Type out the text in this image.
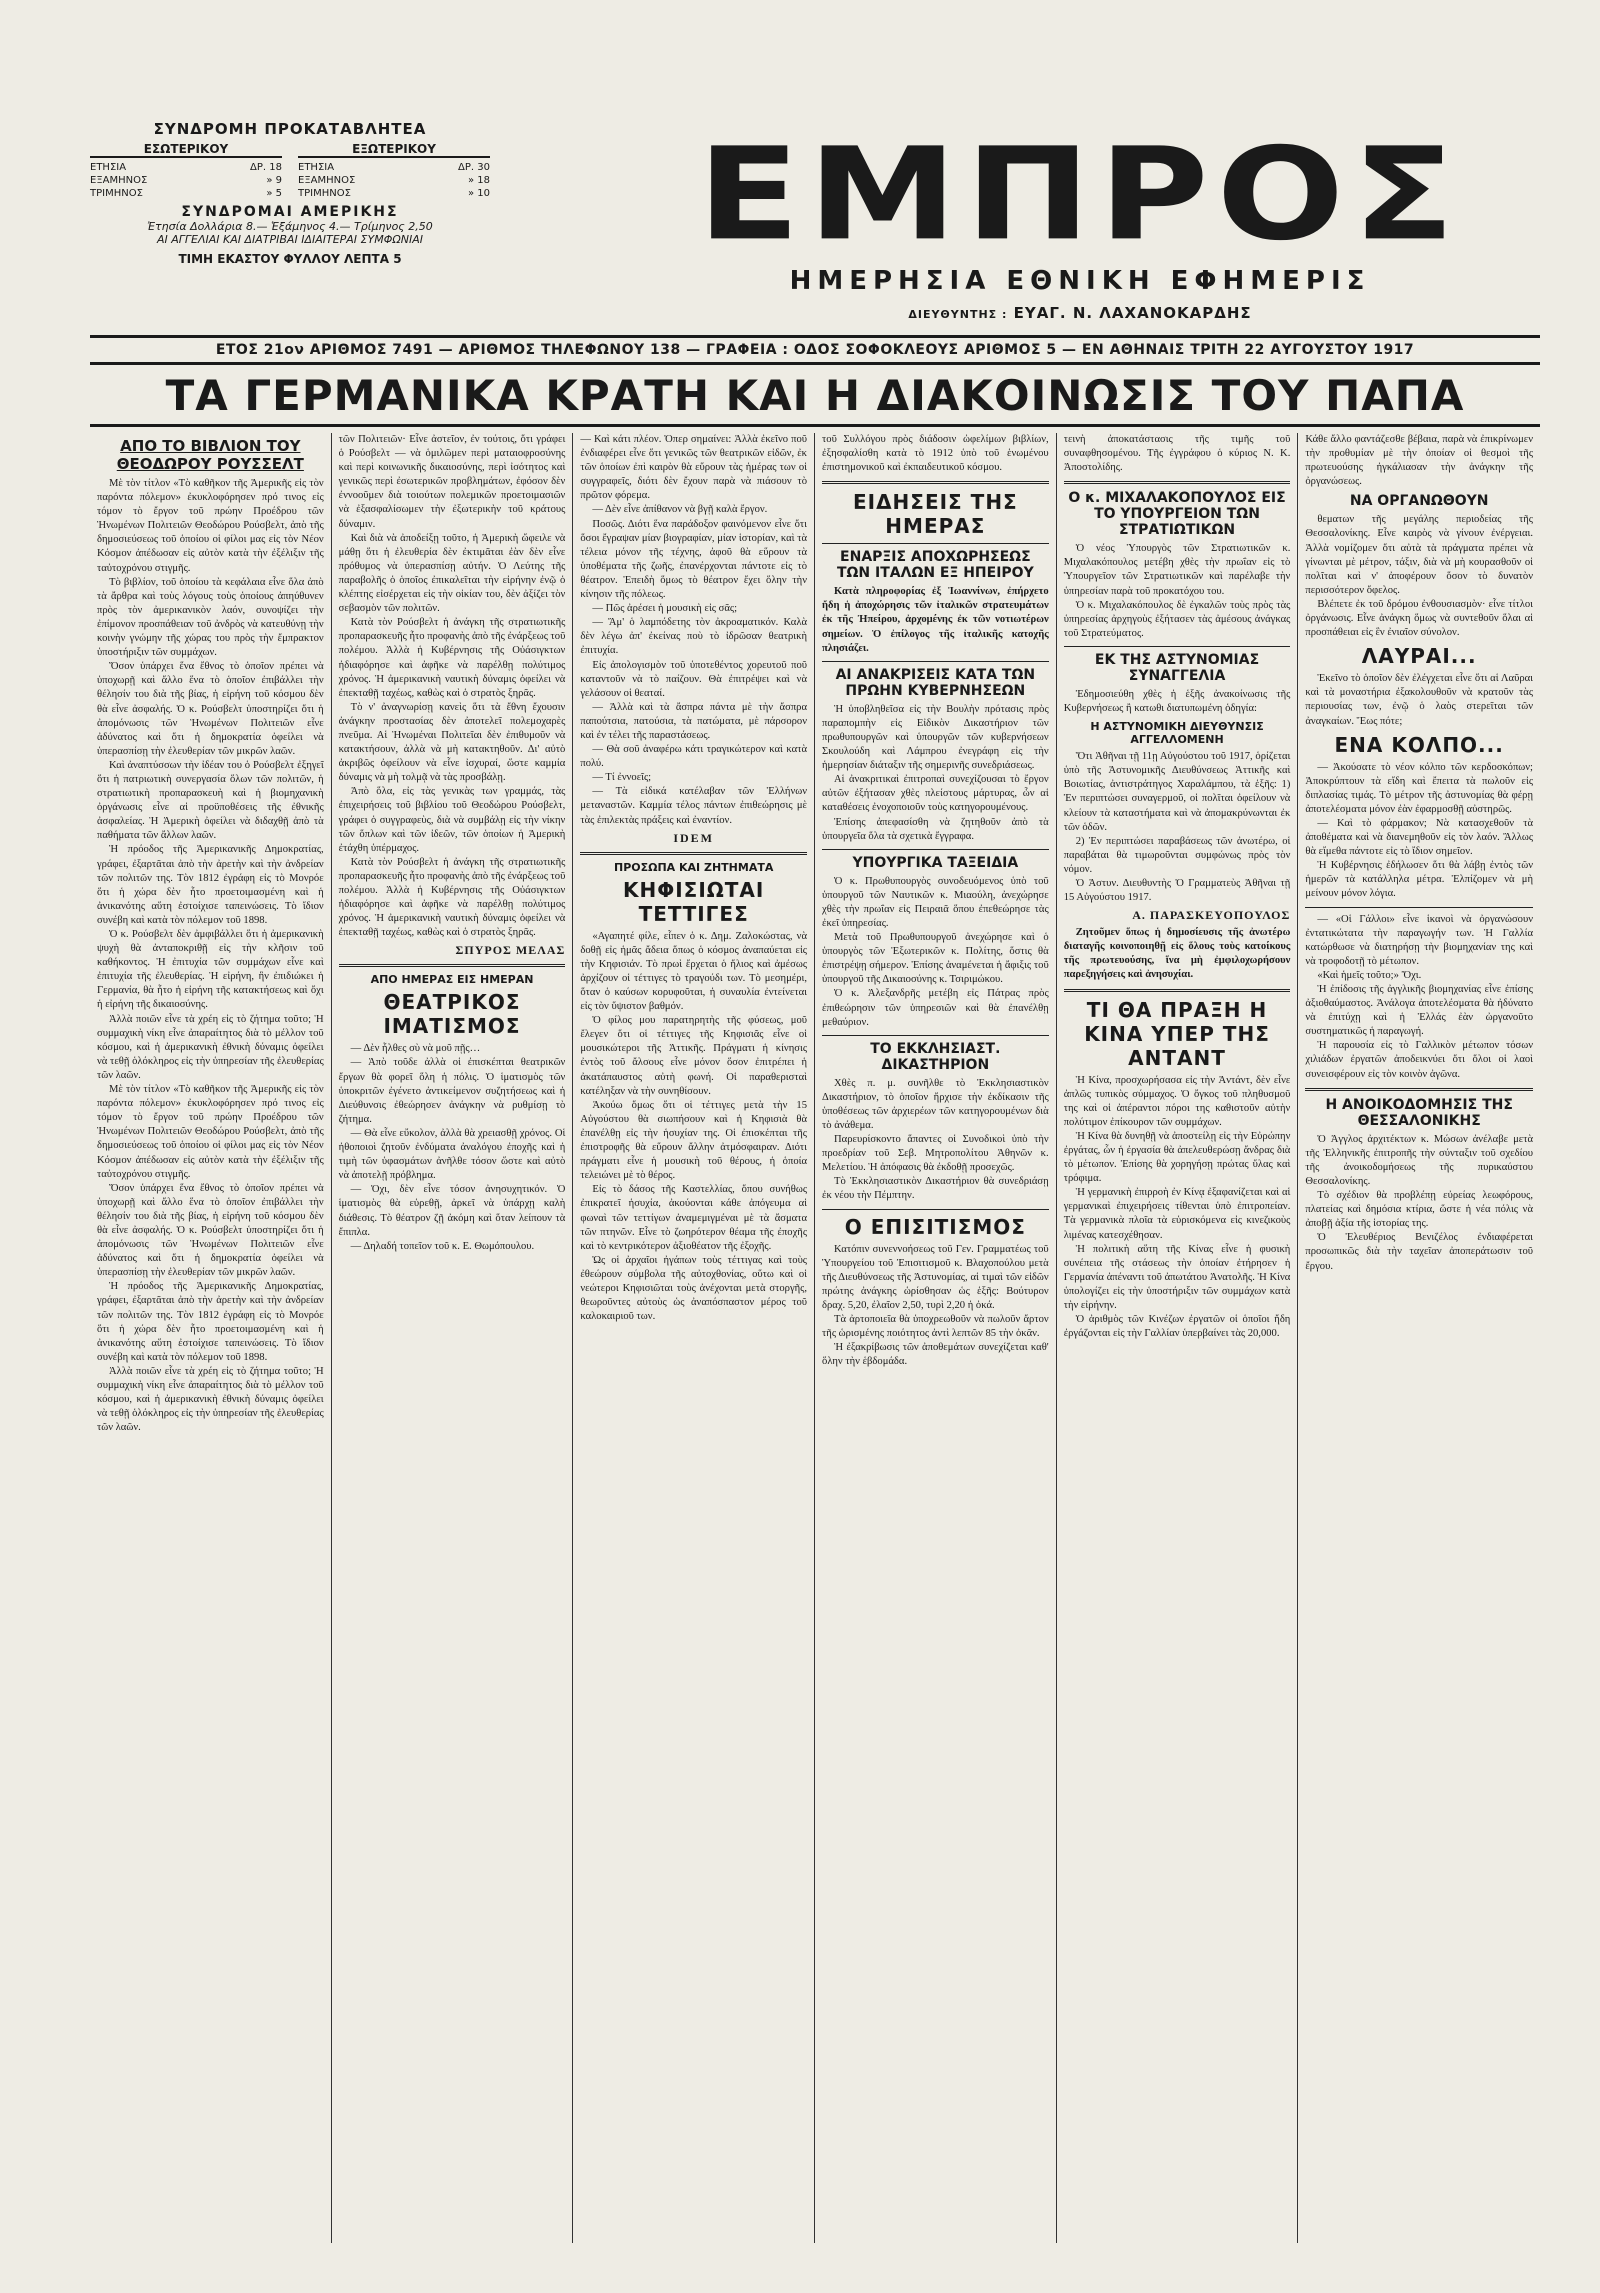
ΣΥΝΔΡΟΜΗ ΠΡΟΚΑΤΑΒΛΗΤΕΑ
ΕΣΩΤΕΡΙΚΟΥ
ΕΤΗΣΙΑ	ΔΡ. 18
ΕΞΑΜΗΝΟΣ	» 9
ΤΡΙΜΗΝΟΣ	» 5
ΕΞΩΤΕΡΙΚΟΥ
ΕΤΗΣΙΑ	ΔΡ. 30
ΕΞΑΜΗΝΟΣ	» 18
ΤΡΙΜΗΝΟΣ	» 10
ΣΥΝΔΡΟΜΑΙ ΑΜΕΡΙΚΗΣ
Ἐτησία Δολλάρια 8.— Ἑξάμηνος 4.— Τρίμηνος 2,50
ΑΙ ΑΓΓΕΛΙΑΙ ΚΑΙ ΔΙΑΤΡΙΒΑΙ ΙΔΙΑΙΤΕΡΑΙ ΣΥΜΦΩΝΙΑΙ
ΤΙΜΗ ΕΚΑΣΤΟΥ ΦΥΛΛΟΥ ΛΕΠΤΑ 5	ΕΜΠΡΟΣ
ΗΜΕΡΗΣΙΑ ΕΘΝΙΚΗ ΕΦΗΜΕΡΙΣ
ΔΙΕΥΘΥΝΤΗΣ : ΕΥΑΓ. Ν. ΛΑΧΑΝΟΚΑΡΔΗΣ
ΕΤΟΣ 21ον ΑΡΙΘΜΟΣ 7491 — ΑΡΙΘΜΟΣ ΤΗΛΕΦΩΝΟΥ 138 — ΓΡΑΦΕΙΑ : ΟΔΟΣ ΣΟΦΟΚΛΕΟΥΣ ΑΡΙΘΜΟΣ 5 — ΕΝ ΑΘΗΝΑΙΣ ΤΡΙΤΗ 22 ΑΥΓΟΥΣΤΟΥ 1917
ΤΑ ΓΕΡΜΑΝΙΚΑ ΚΡΑΤΗ ΚΑΙ Η ΔΙΑΚΟΙΝΩΣΙΣ ΤΟΥ ΠΑΠΑ
ΑΠΟ ΤΟ ΒΙΒΛΙΟΝ ΤΟΥ ΘΕΟΔΩΡΟΥ ΡΟΥΣΣΕΛΤ

Μὲ τὸν τίτλον «Τὸ καθῆκον τῆς Ἀμερικῆς εἰς τὸν παρόντα πόλεμον» ἐκυκλοφόρησεν πρό τινος εἰς τόμον τὸ ἔργον τοῦ πρώην Προέδρου τῶν Ἡνωμένων Πολιτειῶν Θεοδώρου Ρούσβελτ, ἀπὸ τῆς δημοσιεύσεως τοῦ ὁποίου οἱ φίλοι μας εἰς τὸν Νέον Κόσμον ἀπέδωσαν εἰς αὐτὸν κατὰ τὴν ἐξέλιξιν τῆς ταὐτοχρόνου στιγμῆς.

Τὸ βιβλίον, τοῦ ὁποίου τὰ κεφάλαια εἶνε ὅλα ἀπὸ τὰ ἄρθρα καὶ τοὺς λόγους τοὺς ὁποίους ἀπηύθυνεν πρὸς τὸν ἀμερικανικὸν λαόν, συνοψίζει τὴν ἐπίμονον προσπάθειαν τοῦ ἀνδρὸς νὰ κατευθύνῃ τὴν κοινὴν γνώμην τῆς χώρας του πρὸς τὴν ἔμπρακτον ὑποστήριξιν τῶν συμμάχων.

Ὅσον ὑπάρχει ἕνα ἔθνος τὸ ὁποῖον πρέπει νὰ ὑποχωρῇ καὶ ἄλλο ἕνα τὸ ὁποῖον ἐπιβάλλει τὴν θέλησίν του διὰ τῆς βίας, ἡ εἰρήνη τοῦ κόσμου δὲν θὰ εἶνε ἀσφαλής. Ὁ κ. Ρούσβελτ ὑποστηρίζει ὅτι ἡ ἀπομόνωσις τῶν Ἡνωμένων Πολιτειῶν εἶνε ἀδύνατος καὶ ὅτι ἡ δημοκρατία ὀφείλει νὰ ὑπερασπίσῃ τὴν ἐλευθερίαν τῶν μικρῶν λαῶν.

Καὶ ἀναπτύσσων τὴν ἰδέαν του ὁ Ρούσβελτ ἐξηγεῖ ὅτι ἡ πατριωτικὴ συνεργασία ὅλων τῶν πολιτῶν, ἡ στρατιωτικὴ προπαρασκευὴ καὶ ἡ βιομηχανικὴ ὀργάνωσις εἶνε αἱ προϋποθέσεις τῆς ἐθνικῆς ἀσφαλείας. Ἡ Ἀμερικὴ ὀφείλει νὰ διδαχθῇ ἀπὸ τὰ παθήματα τῶν ἄλλων λαῶν.

Ἡ πρόοδος τῆς Ἀμερικανικῆς Δημοκρατίας, γράφει, ἐξαρτᾶται ἀπὸ τὴν ἀρετὴν καὶ τὴν ἀνδρείαν τῶν πολιτῶν της. Τὸν 1812 ἐγράφη εἰς τὸ Μονρόε ὅτι ἡ χώρα δὲν ἦτο προετοιμασμένη καὶ ἡ ἀνικανότης αὕτη ἐστοίχισε ταπεινώσεις. Τὸ ἴδιον συνέβη καὶ κατὰ τὸν πόλεμον τοῦ 1898.

Ὁ κ. Ρούσβελτ δὲν ἀμφιβάλλει ὅτι ἡ ἀμερικανικὴ ψυχὴ θὰ ἀνταποκριθῇ εἰς τὴν κλῆσιν τοῦ καθήκοντος. Ἡ ἐπιτυχία τῶν συμμάχων εἶνε καὶ ἐπιτυχία τῆς ἐλευθερίας. Ἡ εἰρήνη, ἣν ἐπιδιώκει ἡ Γερμανία, θὰ ἦτο ἡ εἰρήνη τῆς κατακτήσεως καὶ ὄχι ἡ εἰρήνη τῆς δικαιοσύνης.

Ἀλλὰ ποιῶν εἶνε τὰ χρέη εἰς τὸ ζήτημα τοῦτο; Ἡ συμμαχικὴ νίκη εἶνε ἀπαραίτητος διὰ τὸ μέλλον τοῦ κόσμου, καὶ ἡ ἀμερικανικὴ ἐθνικὴ δύναμις ὀφείλει νὰ τεθῇ ὁλόκληρος εἰς τὴν ὑπηρεσίαν τῆς ἐλευθερίας τῶν λαῶν.

Μὲ τὸν τίτλον «Τὸ καθῆκον τῆς Ἀμερικῆς εἰς τὸν παρόντα πόλεμον» ἐκυκλοφόρησεν πρό τινος εἰς τόμον τὸ ἔργον τοῦ πρώην Προέδρου τῶν Ἡνωμένων Πολιτειῶν Θεοδώρου Ρούσβελτ, ἀπὸ τῆς δημοσιεύσεως τοῦ ὁποίου οἱ φίλοι μας εἰς τὸν Νέον Κόσμον ἀπέδωσαν εἰς αὐτὸν κατὰ τὴν ἐξέλιξιν τῆς ταὐτοχρόνου στιγμῆς.

Ὅσον ὑπάρχει ἕνα ἔθνος τὸ ὁποῖον πρέπει νὰ ὑποχωρῇ καὶ ἄλλο ἕνα τὸ ὁποῖον ἐπιβάλλει τὴν θέλησίν του διὰ τῆς βίας, ἡ εἰρήνη τοῦ κόσμου δὲν θὰ εἶνε ἀσφαλής. Ὁ κ. Ρούσβελτ ὑποστηρίζει ὅτι ἡ ἀπομόνωσις τῶν Ἡνωμένων Πολιτειῶν εἶνε ἀδύνατος καὶ ὅτι ἡ δημοκρατία ὀφείλει νὰ ὑπερασπίσῃ τὴν ἐλευθερίαν τῶν μικρῶν λαῶν.

Ἡ πρόοδος τῆς Ἀμερικανικῆς Δημοκρατίας, γράφει, ἐξαρτᾶται ἀπὸ τὴν ἀρετὴν καὶ τὴν ἀνδρείαν τῶν πολιτῶν της. Τὸν 1812 ἐγράφη εἰς τὸ Μονρόε ὅτι ἡ χώρα δὲν ἦτο προετοιμασμένη καὶ ἡ ἀνικανότης αὕτη ἐστοίχισε ταπεινώσεις. Τὸ ἴδιον συνέβη καὶ κατὰ τὸν πόλεμον τοῦ 1898.

Ἀλλὰ ποιῶν εἶνε τὰ χρέη εἰς τὸ ζήτημα τοῦτο; Ἡ συμμαχικὴ νίκη εἶνε ἀπαραίτητος διὰ τὸ μέλλον τοῦ κόσμου, καὶ ἡ ἀμερικανικὴ ἐθνικὴ δύναμις ὀφείλει νὰ τεθῇ ὁλόκληρος εἰς τὴν ὑπηρεσίαν τῆς ἐλευθερίας τῶν λαῶν.

τῶν Πολιτειῶν· Εἶνε ἀστεῖον, ἐν τούτοις, ὅτι γράφει ὁ Ρούσβελτ — νὰ ὁμιλῶμεν περὶ ματαιοφροσύνης καὶ περὶ κοινωνικῆς δικαιοσύνης, περὶ ἰσότητος καὶ γενικῶς περὶ ἐσωτερικῶν προβλημάτων, ἐφόσον δὲν ἐννοοῦμεν διὰ τοιούτων πολεμικῶν προετοιμασιῶν νὰ ἐξασφαλίσωμεν τὴν ἐξωτερικὴν τοῦ κράτους δύναμιν.

Καὶ διὰ νὰ ἀποδείξῃ τοῦτο, ἡ Ἀμερικὴ ὤφειλε νὰ μάθῃ ὅτι ἡ ἐλευθερία δὲν ἐκτιμᾶται ἐὰν δὲν εἶνε πρόθυμος νὰ ὑπερασπίσῃ αὐτήν. Ὁ Λεύτης τῆς παραβολῆς ὁ ὁποῖος ἐπικαλεῖται τὴν εἰρήνην ἐνῷ ὁ κλέπτης εἰσέρχεται εἰς τὴν οἰκίαν του, δὲν ἀξίζει τὸν σεβασμὸν τῶν πολιτῶν.

Κατὰ τὸν Ρούσβελτ ἡ ἀνάγκη τῆς στρατιωτικῆς προπαρασκευῆς ἦτο προφανὴς ἀπὸ τῆς ἐνάρξεως τοῦ πολέμου. Ἀλλὰ ἡ Κυβέρνησις τῆς Οὐάσιγκτων ἠδιαφόρησε καὶ ἀφῆκε νὰ παρέλθῃ πολύτιμος χρόνος. Ἡ ἀμερικανικὴ ναυτικὴ δύναμις ὀφείλει νὰ ἐπεκταθῇ ταχέως, καθὼς καὶ ὁ στρατὸς ξηρᾶς.

Τὸ ν' ἀναγνωρίσῃ κανεὶς ὅτι τὰ ἔθνη ἔχουσιν ἀνάγκην προστασίας δὲν ἀποτελεῖ πολεμοχαρὲς πνεῦμα. Αἱ Ἡνωμέναι Πολιτεῖαι δὲν ἐπιθυμοῦν νὰ κατακτήσουν, ἀλλὰ νὰ μὴ κατακτηθοῦν. Δι' αὐτὸ ἀκριβῶς ὀφείλουν νὰ εἶνε ἰσχυραί, ὥστε καμμία δύναμις νὰ μὴ τολμᾷ νὰ τὰς προσβάλῃ.

Ἀπὸ ὅλα, εἰς τὰς γενικὰς των γραμμάς, τὰς ἐπιχειρήσεις τοῦ βιβλίου τοῦ Θεοδώρου Ρούσβελτ, γράφει ὁ συγγραφεὺς, διὰ νὰ συμβάλῃ εἰς τὴν νίκην τῶν ὅπλων καὶ τῶν ἰδεῶν, τῶν ὁποίων ἡ Ἀμερικὴ ἐτάχθη ὑπέρμαχος.

Κατὰ τὸν Ρούσβελτ ἡ ἀνάγκη τῆς στρατιωτικῆς προπαρασκευῆς ἦτο προφανὴς ἀπὸ τῆς ἐνάρξεως τοῦ πολέμου. Ἀλλὰ ἡ Κυβέρνησις τῆς Οὐάσιγκτων ἠδιαφόρησε καὶ ἀφῆκε νὰ παρέλθῃ πολύτιμος χρόνος. Ἡ ἀμερικανικὴ ναυτικὴ δύναμις ὀφείλει νὰ ἐπεκταθῇ ταχέως, καθὼς καὶ ὁ στρατὸς ξηρᾶς.

ΣΠΥΡΟΣ ΜΕΛΑΣ
ΑΠΟ ΗΜΕΡΑΣ ΕΙΣ ΗΜΕΡΑΝ
ΘΕΑΤΡΙΚΟΣ ΙΜΑΤΙΣΜΟΣ

— Δὲν ἦλθες σὺ νὰ μοῦ πῇς…

— Ἀπὸ τοῦδε ἀλλὰ οἱ ἐπισκέπται θεατρικῶν ἔργων θὰ φορεῖ ὅλη ἡ πόλις. Ὁ ἱματισμὸς τῶν ὑποκριτῶν ἐγένετο ἀντικείμενον συζητήσεως καὶ ἡ Διεύθυνσις ἐθεώρησεν ἀνάγκην νὰ ρυθμίσῃ τὸ ζήτημα.

— Θὰ εἶνε εὔκολον, ἀλλὰ θὰ χρειασθῇ χρόνος. Οἱ ἠθοποιοὶ ζητοῦν ἐνδύματα ἀναλόγου ἐποχῆς καὶ ἡ τιμὴ τῶν ὑφασμάτων ἀνῆλθε τόσον ὥστε καὶ αὐτὸ νὰ ἀποτελῇ πρόβλημα.

— Ὀχι, δὲν εἶνε τόσον ἀνησυχητικόν. Ὁ ἱματισμὸς θὰ εὑρεθῇ, ἀρκεῖ νὰ ὑπάρχῃ καλὴ διάθεσις. Τὸ θέατρον ζῇ ἀκόμη καὶ ὅταν λείπουν τὰ ἔπιπλα.

— Δηλαδή τοπεῖον τοῦ κ. Ε. Θωμόπουλου.

— Καὶ κάτι πλέον. Ὁπερ σημαίνει: Ἀλλὰ ἐκεῖνο ποῦ ἐνδιαφέρει εἶνε ὅτι γενικῶς τῶν θεατρικῶν εἰδῶν, ἐκ τῶν ὁποίων ἐπὶ καιρὸν θὰ εὕρουν τὰς ἡμέρας των οἱ συγγραφεῖς, διότι δὲν ἔχουν παρὰ νὰ πιάσουν τὸ πρῶτον φόρεμα.

— Δὲν εἶνε ἀπίθανον νὰ βγῇ καλὰ ἔργον.

Ποσῶς. Διότι ἕνα παράδοξον φαινόμενον εἶνε ὅτι ὅσοι ἔγραψαν μίαν βιογραφίαν, μίαν ἱστορίαν, καὶ τὰ τέλεια μόνον τῆς τέχνης, ἀφοῦ θὰ εὕρουν τὰ ὑποθέματα τῆς ζωῆς, ἐπανέρχονται πάντοτε εἰς τὸ θέατρον. Ἐπειδὴ ὅμως τὸ θέατρον ἔχει ὅλην τὴν κίνησιν τῆς πόλεως.

— Πῶς ἀρέσει ἡ μουσικὴ εἰς σᾶς;

— Ἄμ' ὁ λαμπόδετης τὸν ἀκροαματικόν. Καλὰ δὲν λέγω ἀπ' ἐκείνας ποὺ τὸ ἰδρῶσαν θεατρικὴ ἐπιτυχία.

Εἰς ἀπολογισμὸν τοῦ ὑποτεθέντος χορευτοῦ ποῦ καταντοῦν νὰ τὸ παίζουν. Θὰ ἐπιτρέψει καὶ νὰ γελάσουν οἱ θεαταί.

— Ἀλλὰ καὶ τὰ ἄσπρα πάντα μὲ τὴν ἄσπρα παπούτσια, πατούσια, τὰ πατώματα, μὲ πάρσορον καὶ ἐν τέλει τῆς παραστάσεως.

— Θὰ σοῦ ἀναφέρω κάτι τραγικώτερον καὶ κατὰ πολύ.

— Τί ἐννοεῖς;

— Τὰ εἰδικά κατέλαβαν τῶν Ἑλλήνων μεταναστῶν. Καμμία τέλος πάντων ἐπιθεώρησις μὲ τὰς ἐπιλεκτὰς πράξεις καὶ ἐναντίον.

IDEM
ΠΡΟΣΩΠΑ ΚΑΙ ΖΗΤΗΜΑΤΑ
ΚΗΦΙΣΙΩΤΑΙ ΤΕΤΤΙΓΕΣ

«Αγαπητέ φίλε, εἶπεν ὁ κ. Δημ. Ζαλοκώστας, νὰ δοθῇ εἰς ἡμᾶς ἄδεια ὅπως ὁ κόσμος ἀναπαύεται εἰς τὴν Κηφισιάν. Τὸ πρωὶ ἔρχεται ὁ ἥλιος καὶ ἀμέσως ἀρχίζουν οἱ τέττιγες τὸ τραγούδι των. Τὸ μεσημέρι, ὅταν ὁ καύσων κορυφοῦται, ἡ συναυλία ἐντείνεται εἰς τὸν ὕψιστον βαθμόν.

Ὁ φίλος μου παρατηρητὴς τῆς φύσεως, μοῦ ἔλεγεν ὅτι οἱ τέττιγες τῆς Κηφισιᾶς εἶνε οἱ μουσικώτεροι τῆς Ἀττικῆς. Πράγματι ἡ κίνησις ἐντὸς τοῦ ἄλσους εἶνε μόνον ὅσον ἐπιτρέπει ἡ ἀκατάπαυστος αὐτὴ φωνή. Οἱ παραθερισταὶ κατέληξαν νὰ τὴν συνηθίσουν.

Ἀκούω ὅμως ὅτι οἱ τέττιγες μετὰ τὴν 15 Αὐγούστου θὰ σιωπήσουν καὶ ἡ Κηφισιὰ θὰ ἐπανέλθῃ εἰς τὴν ἡσυχίαν της. Οἱ ἐπισκέπται τῆς ἐπιστροφῆς θὰ εὕρουν ἄλλην ἀτμόσφαιραν. Διότι πράγματι εἶνε ἡ μουσικὴ τοῦ θέρους, ἡ ὁποία τελειώνει μὲ τὸ θέρος.

Εἰς τὸ δάσος τῆς Καστελλίας, ὅπου συνήθως ἐπικρατεῖ ἡσυχία, ἀκούονται κάθε ἀπόγευμα αἱ φωναὶ τῶν τεττίγων ἀναμεμιγμέναι μὲ τὰ ἄσματα τῶν πτηνῶν. Εἶνε τὸ ζωηρότερον θέαμα τῆς ἐποχῆς καὶ τὸ κεντρικότερον ἀξιοθέατον τῆς ἐξοχῆς.

Ὡς οἱ ἀρχαῖοι ἠγάπων τοὺς τέττιγας καὶ τοὺς ἐθεώρουν σύμβολα τῆς αὐτοχθονίας, οὕτω καὶ οἱ νεώτεροι Κηφισιῶται τοὺς ἀνέχονται μετὰ στοργῆς, θεωροῦντες αὐτοὺς ὡς ἀναπόσπαστον μέρος τοῦ καλοκαιριοῦ των.

τοῦ Συλλόγου πρὸς διάδοσιν ὠφελίμων βιβλίων, ἐξησφαλίσθη κατὰ τὸ 1912 ὑπὸ τοῦ ἑνωμένου ἐπιστημονικοῦ καὶ ἐκπαιδευτικοῦ κόσμου.

ΕΙΔΗΣΕΙΣ ΤΗΣ ΗΜΕΡΑΣ
ΕΝΑΡΞΙΣ ΑΠΟΧΩΡΗΣΕΩΣ ΤΩΝ ΙΤΑΛΩΝ ΕΞ ΗΠΕΙΡΟΥ

Κατὰ πληροφορίας ἐξ Ἰωαννίνων, ἐπήρχετο ἤδη ἡ ἀποχώρησις τῶν ἰταλικῶν στρατευμάτων ἐκ τῆς Ἠπείρου, ἀρχομένης ἐκ τῶν νοτιωτέρων σημείων. Ὁ ἐπίλογος τῆς ἰταλικῆς κατοχῆς πλησιάζει.

ΑΙ ΑΝΑΚΡΙΣΕΙΣ ΚΑΤΑ ΤΩΝ ΠΡΩΗΝ ΚΥΒΕΡΝΗΣΕΩΝ

Ἡ ὑποβληθεῖσα εἰς τὴν Βουλὴν πρότασις πρὸς παραπομπὴν εἰς Εἰδικὸν Δικαστήριον τῶν πρωθυπουργῶν καὶ ὑπουργῶν τῶν κυβερνήσεων Σκουλούδη καὶ Λάμπρου ἐνεγράφη εἰς τὴν ἡμερησίαν διάταξιν τῆς σημερινῆς συνεδριάσεως.

Αἱ ἀνακριτικαὶ ἐπιτροπαὶ συνεχίζουσαι τὸ ἔργον αὐτῶν ἐξήτασαν χθὲς πλείστους μάρτυρας, ὧν αἱ καταθέσεις ἐνοχοποιοῦν τοὺς κατηγορουμένους.

Ἐπίσης ἀπεφασίσθη νὰ ζητηθοῦν ἀπὸ τὰ ὑπουργεῖα ὅλα τὰ σχετικὰ ἔγγραφα.

ΥΠΟΥΡΓΙΚΑ ΤΑΞΕΙΔΙΑ

Ὁ κ. Πρωθυπουργὸς συνοδευόμενος ὑπὸ τοῦ ὑπουργοῦ τῶν Ναυτικῶν κ. Μιαούλη, ἀνεχώρησε χθὲς τὴν πρωΐαν εἰς Πειραιᾶ ὅπου ἐπεθεώρησε τὰς ἐκεῖ ὑπηρεσίας.

Μετὰ τοῦ Πρωθυπουργοῦ ἀνεχώρησε καὶ ὁ ὑπουργὸς τῶν Ἐξωτερικῶν κ. Πολίτης, ὅστις θὰ ἐπιστρέψῃ σήμερον. Ἐπίσης ἀναμένεται ἡ ἄφιξις τοῦ ὑπουργοῦ τῆς Δικαιοσύνης κ. Τσιριμώκου.

Ὁ κ. Ἀλεξανδρῆς μετέβη εἰς Πάτρας πρὸς ἐπιθεώρησιν τῶν ὑπηρεσιῶν καὶ θὰ ἐπανέλθῃ μεθαύριον.

ΤΟ ΕΚΚΛΗΣΙΑΣΤ. ΔΙΚΑΣΤΗΡΙΟΝ

Χθὲς π. μ. συνῆλθε τὸ Ἐκκλησιαστικὸν Δικαστήριον, τὸ ὁποῖον ἤρχισε τὴν ἐκδίκασιν τῆς ὑποθέσεως τῶν ἀρχιερέων τῶν κατηγορουμένων διὰ τὸ ἀνάθεμα.

Παρευρίσκοντο ἅπαντες οἱ Συνοδικοὶ ὑπὸ τὴν προεδρίαν τοῦ Σεβ. Μητροπολίτου Ἀθηνῶν κ. Μελετίου. Ἡ ἀπόφασις θὰ ἐκδοθῇ προσεχῶς.

Τὸ Ἐκκλησιαστικὸν Δικαστήριον θὰ συνεδριάσῃ ἐκ νέου τὴν Πέμπτην.

Ο ΕΠΙΣΙΤΙΣΜΟΣ

Κατόπιν συνεννοήσεως τοῦ Γεν. Γραμματέως τοῦ Ὑπουργείου τοῦ Ἐπισιτισμοῦ κ. Βλαχοπούλου μετὰ τῆς Διευθύνσεως τῆς Ἀστυνομίας, αἱ τιμαὶ τῶν εἰδῶν πρώτης ἀνάγκης ὡρίσθησαν ὡς ἑξῆς: Βούτυρον δραχ. 5,20, ἐλαῖον 2,50, τυρὶ 2,20 ἡ ὀκά.

Τὰ ἀρτοποιεῖα θὰ ὑποχρεωθοῦν νὰ πωλοῦν ἄρτον τῆς ὡρισμένης ποιότητος ἀντὶ λεπτῶν 85 τὴν ὀκᾶν.

Ἡ ἐξακρίβωσις τῶν ἀποθεμάτων συνεχίζεται καθ' ὅλην τὴν ἑβδομάδα.

τεινὴ ἀποκατάστασις τῆς τιμῆς τοῦ συναφθησομένου. Τῆς ἐγγράφου ὁ κύριος Ν. Κ. Ἀποστολίδης.

Ο κ. ΜΙΧΑΛΑΚΟΠΟΥΛΟΣ ΕΙΣ ΤΟ ΥΠΟΥΡΓΕΙΟΝ ΤΩΝ ΣΤΡΑΤΙΩΤΙΚΩΝ

Ὁ νέος Ὑπουργὸς τῶν Στρατιωτικῶν κ. Μιχαλακόπουλος μετέβη χθὲς τὴν πρωΐαν εἰς τὸ Ὑπουργεῖον τῶν Στρατιωτικῶν καὶ παρέλαβε τὴν ὑπηρεσίαν παρὰ τοῦ προκατόχου του.

Ὁ κ. Μιχαλακόπουλος δὲ ἐγκαλῶν τοὺς πρὸς τὰς ὑπηρεσίας ἀρχηγοὺς ἐξήτασεν τὰς ἀμέσους ἀνάγκας τοῦ Στρατεύματος.

ΕΚ ΤΗΣ ΑΣΤΥΝΟΜΙΑΣ ΣΥΝΑΓΓΕΛΙΑ

Ἐδημοσιεύθη χθὲς ἡ ἑξῆς ἀνακοίνωσις τῆς Κυβερνήσεως ἢ κατωθι διατυπωμένη ὁδηγία:

Η ΑΣΤΥΝΟΜΙΚΗ ΔΙΕΥΘΥΝΣΙΣ ΑΓΓΕΛΛΟΜΕΝΗ

Ὅτι Ἀθῆναι τῇ 11ῃ Αὐγούστου τοῦ 1917, ὁρίζεται ὑπὸ τῆς Ἀστυνομικῆς Διευθύνσεως Ἀττικῆς καὶ Βοιωτίας, ἀντιστράτηγος Χαραλάμπου, τὰ ἑξῆς: 1) Ἐν περιπτώσει συναγερμοῦ, οἱ πολῖται ὀφείλουν νὰ κλείουν τὰ καταστήματα καὶ νὰ ἀπομακρύνωνται ἐκ τῶν ὁδῶν.

2) Ἐν περιπτώσει παραβάσεως τῶν ἀνωτέρω, οἱ παραβάται θὰ τιμωροῦνται συμφώνως πρὸς τὸν νόμον.

Ὁ Ἀστυν. Διευθυντὴς Ὁ Γραμματεὺς Ἀθῆναι τῇ 15 Αὐγούστου 1917.

Α. ΠΑΡΑΣΚΕΥΟΠΟΥΛΟΣ

Ζητοῦμεν ὅπως ἡ δημοσίευσις τῆς ἀνωτέρω διαταγῆς κοινοποιηθῇ εἰς ὅλους τοὺς κατοίκους τῆς πρωτευούσης, ἵνα μὴ ἐμφιλοχωρήσουν παρεξηγήσεις καὶ ἀνησυχίαι.

ΤΙ ΘΑ ΠΡΑΞΗ Η ΚΙΝΑ ΥΠΕΡ ΤΗΣ ΑΝΤΑΝΤ

Ἡ Κίνα, προσχωρήσασα εἰς τὴν Ἀντάντ, δὲν εἶνε ἀπλῶς τυπικὸς σύμμαχος. Ὁ ὄγκος τοῦ πληθυσμοῦ της καὶ οἱ ἀπέραντοι πόροι της καθιστοῦν αὐτὴν πολύτιμον ἐπίκουρον τῶν συμμάχων.

Ἡ Κίνα θὰ δυνηθῇ νὰ ἀποστείλῃ εἰς τὴν Εὐρώπην ἐργάτας, ὧν ἡ ἐργασία θὰ ἀπελευθερώσῃ ἄνδρας διὰ τὸ μέτωπον. Ἐπίσης θὰ χορηγήσῃ πρώτας ὕλας καὶ τρόφιμα.

Ἡ γερμανικὴ ἐπιρροὴ ἐν Κίνᾳ ἐξαφανίζεται καὶ αἱ γερμανικαὶ ἐπιχειρήσεις τίθενται ὑπὸ ἐπιτροπείαν. Τὰ γερμανικὰ πλοῖα τὰ εὑρισκόμενα εἰς κινεζικοὺς λιμένας κατεσχέθησαν.

Ἡ πολιτικὴ αὕτη τῆς Κίνας εἶνε ἡ φυσικὴ συνέπεια τῆς στάσεως τὴν ὁποίαν ἐτήρησεν ἡ Γερμανία ἀπέναντι τοῦ ἀπωτάτου Ἀνατολῆς. Ἡ Κίνα ὑπολογίζει εἰς τὴν ὑποστήριξιν τῶν συμμάχων κατὰ τὴν εἰρήνην.

Ὁ ἀριθμὸς τῶν Κινέζων ἐργατῶν οἱ ὁποῖοι ἤδη ἐργάζονται εἰς τὴν Γαλλίαν ὑπερβαίνει τὰς 20,000.

Κάθε ἄλλο φαντάζεσθε βέβαια, παρὰ νὰ ἐπικρίνωμεν τὴν προθυμίαν μὲ τὴν ὁποίαν οἱ θεσμοὶ τῆς πρωτευούσης ἠγκάλιασαν τὴν ἀνάγκην τῆς ὀργανώσεως.

ΝΑ ΟΡΓΑΝΩΘΟΥΝ

θεματων τῆς μεγάλης περιοδείας τῆς Θεσσαλονίκης. Εἶνε καιρὸς νὰ γίνουν ἐνέργειαι. Ἀλλὰ νομίζομεν ὅτι αὐτὰ τὰ πράγματα πρέπει νὰ γίνωνται μὲ μέτρον, τάξιν, διὰ νὰ μὴ κουρασθοῦν οἱ πολῖται καὶ ν' ἀποφέρουν ὅσον τὸ δυνατὸν περισσότερον ὄφελος.

Βλέπετε ἐκ τοῦ δρόμου ἐνθουσιασμὸν· εἶνε τίτλοι ὀργάνωσις. Εἶνε ἀνάγκη ὅμως νὰ συντεθοῦν ὅλαι αἱ προσπάθειαι εἰς ἓν ἐνιαῖον σύνολον.

ΛΑΥΡΑΙ...

Ἐκεῖνο τὸ ὁποῖον δὲν ἐλέγχεται εἶνε ὅτι αἱ Λαῦραι καὶ τὰ μοναστήρια ἐξακολουθοῦν νὰ κρατοῦν τὰς περιουσίας των, ἐνῷ ὁ λαὸς στερεῖται τῶν ἀναγκαίων. Ἕως πότε;

ΕΝΑ ΚΟΛΠΟ...

— Ἀκούσατε τὸ νέον κόλπο τῶν κερδοσκόπων; Ἀποκρύπτουν τὰ εἴδη καὶ ἔπειτα τὰ πωλοῦν εἰς διπλασίας τιμάς. Τὸ μέτρον τῆς ἀστυνομίας θὰ φέρῃ ἀποτελέσματα μόνον ἐὰν ἐφαρμοσθῇ αὐστηρῶς.

— Καὶ τὸ φάρμακον; Νὰ κατασχεθοῦν τὰ ἀποθέματα καὶ νὰ διανεμηθοῦν εἰς τὸν λαόν. Ἄλλως θὰ εἴμεθα πάντοτε εἰς τὸ ἴδιον σημεῖον.

Ἡ Κυβέρνησις ἐδήλωσεν ὅτι θὰ λάβῃ ἐντὸς τῶν ἡμερῶν τὰ κατάλληλα μέτρα. Ἐλπίζομεν νὰ μὴ μείνουν μόνον λόγια.

— «Οἱ Γάλλοι» εἶνε ἱκανοὶ νὰ ὀργανώσουν ἐντατικώτατα τὴν παραγωγήν των. Ἡ Γαλλία κατώρθωσε νὰ διατηρήσῃ τὴν βιομηχανίαν της καὶ νὰ τροφοδοτῇ τὸ μέτωπον.

«Καὶ ἡμεῖς τοῦτο;» Ὄχι.

Ἡ ἐπίδοσις τῆς ἀγγλικῆς βιομηχανίας εἶνε ἐπίσης ἀξιοθαύμαστος. Ἀνάλογα ἀποτελέσματα θὰ ἠδύνατο νὰ ἐπιτύχῃ καὶ ἡ Ἑλλάς ἐὰν ὠργανοῦτο συστηματικῶς ἡ παραγωγή.

Ἡ παρουσία εἰς τὸ Γαλλικὸν μέτωπον τόσων χιλιάδων ἐργατῶν ἀποδεικνύει ὅτι ὅλοι οἱ λαοὶ συνεισφέρουν εἰς τὸν κοινὸν ἀγῶνα.

Η ΑΝΟΙΚΟΔΟΜΗΣΙΣ ΤΗΣ ΘΕΣΣΑΛΟΝΙΚΗΣ

Ὁ Ἀγγλος ἀρχιτέκτων κ. Μώσων ἀνέλαβε μετὰ τῆς Ἑλληνικῆς ἐπιτροπῆς τὴν σύνταξιν τοῦ σχεδίου τῆς ἀνοικοδομήσεως τῆς πυρικαύστου Θεσσαλονίκης.

Τὸ σχέδιον θὰ προβλέπῃ εὐρείας λεωφόρους, πλατείας καὶ δημόσια κτίρια, ὥστε ἡ νέα πόλις νὰ ἀποβῇ ἀξία τῆς ἱστορίας της.

Ὁ Ἐλευθέριος Βενιζέλος ἐνδιαφέρεται προσωπικῶς διὰ τὴν ταχεῖαν ἀποπεράτωσιν τοῦ ἔργου.
